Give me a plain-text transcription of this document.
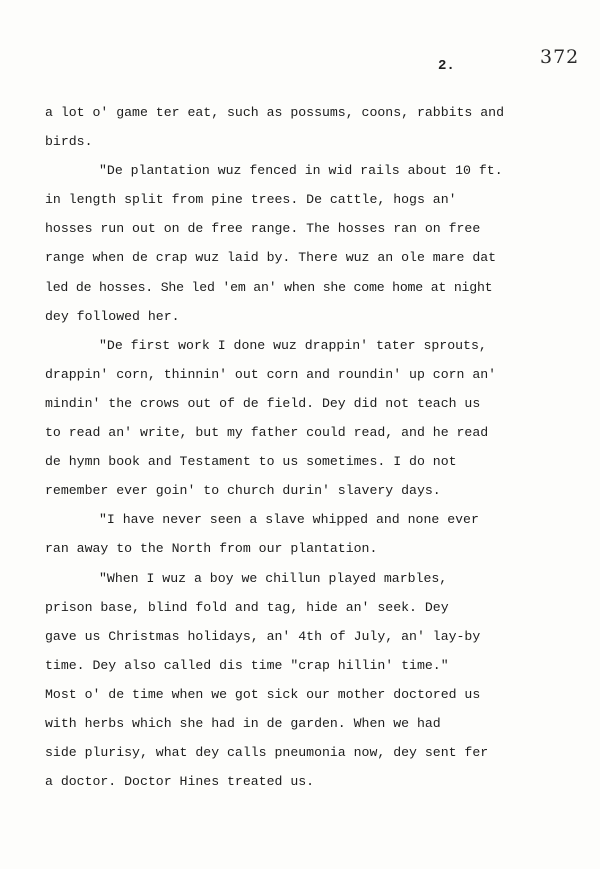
372
2.
a lot o' game ter eat, such as possums, coons, rabbits and
birds.
"De plantation wuz fenced in wid rails about 10 ft.
in length split from pine trees. De cattle, hogs an'
hosses run out on de free range. The hosses ran on free
range when de crap wuz laid by. There wuz an ole mare dat
led de hosses. She led 'em an' when she come home at night
dey followed her.
"De first work I done wuz drappin' tater sprouts,
drappin' corn, thinnin' out corn and roundin' up corn an'
mindin' the crows out of de field. Dey did not teach us
to read an' write, but my father could read, and he read
de hymn book and Testament to us sometimes. I do not
remember ever goin' to church durin' slavery days.
"I have never seen a slave whipped and none ever
ran away to the North from our plantation.
"When I wuz a boy we chillun played marbles,
prison base, blind fold and tag, hide an' seek. Dey
gave us Christmas holidays, an' 4th of July, an' lay-by
time. Dey also called dis time "crap hillin' time."
Most o' de time when we got sick our mother doctored us
with herbs which she had in de garden. When we had
side plurisy, what dey calls pneumonia now, dey sent fer
a doctor. Doctor Hines treated us.
